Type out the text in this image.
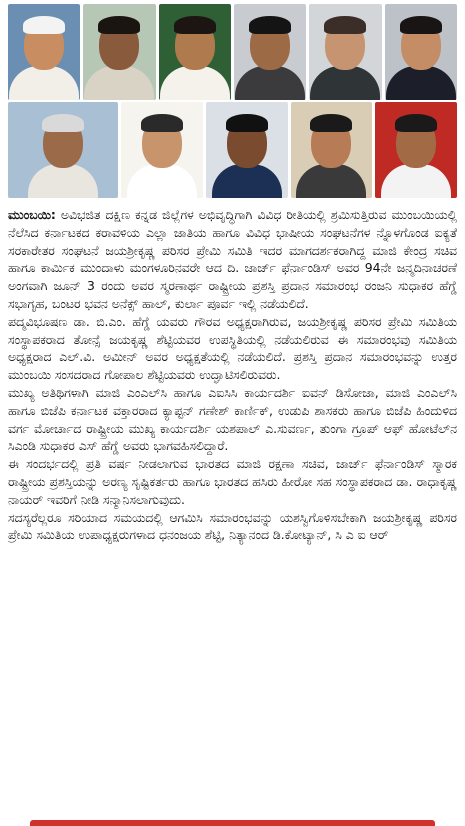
ಮುಂಬಯಿ: ಅವಿಭಜಿತ ದಕ್ಷಿಣ ಕನ್ನಡ ಜಿಲ್ಲೆಗಳ ಅಭಿವೃದ್ಧಿಗಾಗಿ ವಿವಿಧ ರೀತಿಯಲ್ಲಿ ಶ್ರಮಿಸುತ್ತಿರುವ ಮುಂಬಯಿಯಲ್ಲಿ ನೆಲೆಸಿದ ಕರ್ನಾಟಕದ ಕರಾವಳಿಯ ಎಲ್ಲಾ ಜಾತಿಯ ಹಾಗೂ ವಿವಿಧ ಭಾಷೀಯ ಸಂಘಟನೆಗಳ ನ್ನೊಳಗೊಂಡ ಐಕ್ಯತೆ ಸರಕಾರೇತರ ಸಂಘಟನೆ ಜಯಶ್ರೀಕೃಷ್ಣ ಪರಿಸರ ಪ್ರೇಮಿ ಸಮಿತಿ ಇದರ ಮಾಗದರ್ಶಕರಾಗಿದ್ದ ಮಾಜಿ ಕೇಂದ್ರ ಸಚಿವ ಹಾಗೂ ಕಾರ್ಮಿಕ ಮುಂದಾಳು ಮಂಗಳೂರಿನವರೇ ಆದ ದಿ. ಜಾರ್ಜ್ ಫೆರ್ನಾಂಡಿಸ್ ಅವರ 94ನೇ ಜನ್ಮದಿನಾಚರಣೆ ಅಂಗವಾಗಿ ಜೂನ್ 3 ರಂದು ಅವರ ಸ್ಮರಣಾರ್ಥ ರಾಷ್ಟ್ರೀಯ ಪ್ರಶಸ್ತಿ ಪ್ರದಾನ ಸಮಾರಂಭ ರಂಜನಿ ಸುಧಾಕರ ಹೆಗ್ಡೆ ಸಭಾಗೃಹ, ಬಂಟರ ಭವನ ಅನೆಕ್ಸ್ ಹಾಲ್, ಕುರ್ಲಾ ಪೂರ್ವ ಇಲ್ಲಿ ನಡೆಯಲಿದೆ.

ಪದ್ಮವಿಭೂಷಣ ಡಾ. ಬಿ.ಎಂ. ಹೆಗ್ಡೆ ಯವರು ಗೌರವ ಅಧ್ಯಕ್ಷರಾಗಿರುವ, ಜಯಶ್ರೀಕೃಷ್ಣ ಪರಿಸರ ಪ್ರೇಮಿ ಸಮಿತಿಯ ಸಂಸ್ಥಾಪಕರಾದ ತೋನ್ಸೆ ಜಯಕೃಷ್ಣ ಶೆಟ್ಟಿಯವರ ಉಪಸ್ಥಿತಿಯಲ್ಲಿ ನಡೆಯಲಿರುವ ಈ ಸಮಾರಂಭವು ಸಮಿತಿಯ ಅಧ್ಯಕ್ಷರಾದ ಎಲ್.ವಿ. ಅಮೀನ್ ಅವರ ಅಧ್ಯಕ್ಷತೆಯಲ್ಲಿ ನಡೆಯಲಿದೆ. ಪ್ರಶಸ್ತಿ ಪ್ರದಾನ ಸಮಾರಂಭವನ್ನು ಉತ್ತರ ಮುಂಬಯಿ ಸಂಸದರಾದ ಗೋಪಾಲ ಶೆಟ್ಟಿಯವರು ಉದ್ಘಾಟಿಸಲಿರುವರು.

ಮುಖ್ಯ ಅತಿಥಿಗಳಾಗಿ ಮಾಜಿ ಎಂಎಲ್‌ಸಿ ಹಾಗೂ ಎಐಸಿಸಿ ಕಾರ್ಯದರ್ಶಿ ಐವನ್ ಡಿಸೋಜಾ, ಮಾಜಿ ಎಂಎಲ್‌ಸಿ ಹಾಗೂ ಬಿಜೆಪಿ ಕರ್ನಾಟಕ ವಕ್ತಾರರಾದ ಕ್ಯಾಪ್ಟನ್ ಗಣೇಶ್ ಕಾರ್ಣಿಕ್, ಉಡುಪಿ ಶಾಸಕರು ಹಾಗೂ ಬಿಜೆಪಿ ಹಿಂದುಳಿದ ವರ್ಗ ಮೋರ್ಚಾದ ರಾಷ್ಟ್ರೀಯ ಮುಖ್ಯ ಕಾರ್ಯದರ್ಶಿ ಯಶಪಾಲ್ ಎ.ಸುವರ್ಣ, ತುಂಗಾ ಗ್ರೂಪ್ ಆಫ್ ಹೋಟೆಲ್‌ನ ಸಿಎಂಡಿ ಸುಧಾಕರ ಎಸ್ ಹೆಗ್ಡೆ ಅವರು ಭಾಗವಹಿಸಲಿದ್ದಾರೆ.

ಈ ಸಂದರ್ಭದಲ್ಲಿ ಪ್ರತಿ ವರ್ಷ ನೀಡಲಾಗುವ ಭಾರತದ ಮಾಜಿ ರಕ್ಷಣಾ ಸಚಿವ, ಜಾರ್ಜ್ ಫೆರ್ನಾಂಡಿಸ್ ಸ್ಮಾರಕ ರಾಷ್ಟ್ರೀಯ ಪ್ರಶಸ್ತಿಯನ್ನು ಅರಣ್ಯ ಸೃಷ್ಟಿಕರ್ತರು ಹಾಗೂ ಭಾರತದ ಹಸಿರು ಹೀರೋ ಸಹ ಸಂಸ್ಥಾಪಕರಾದ ಡಾ. ರಾಧಾಕೃಷ್ಣ ನಾಯರ್ ಇವರಿಗೆ ನೀಡಿ ಸನ್ಮಾನಿಸಲಾಗುವುದು.

ಸದಸ್ಯರೆಲ್ಲರೂ ಸರಿಯಾದ ಸಮಯದಲ್ಲಿ ಆಗಮಿಸಿ ಸಮಾರಂಭವನ್ನು ಯಶಸ್ವಿಗೊಳಿಸಬೇಕಾಗಿ ಜಯಶ್ರೀಕೃಷ್ಣ ಪರಿಸರ ಪ್ರೇಮಿ ಸಮಿತಿಯ ಉಪಾಧ್ಯಕ್ಷರುಗಳಾದ ಧನಂಜಯ ಶೆಟ್ಟಿ, ನಿತ್ಯಾನಂದ ಡಿ.ಕೋಟ್ಯಾನ್, ಸಿ ಎ ಐ ಆರ್
